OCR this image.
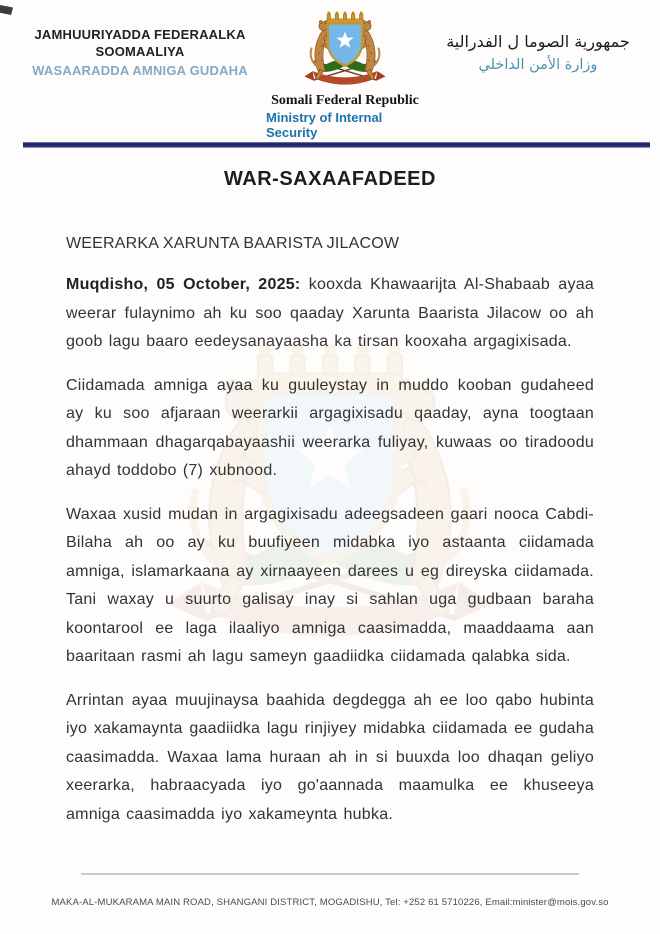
JAMHUURIYADDA FEDERAALKA
SOOMAALIYA
WASAARADDA AMNIGA GUDAHA
Somali Federal Republic
Ministry of Internal Security
جمهورية الصوما ل الفدرالية
وزارة الأمن الداخلي
WAR-SAXAAFADEED
WEERARKA XARUNTA BAARISTA JILACOW

Muqdisho, 05 October, 2025: kooxda Khawaarijta Al-Shabaab ayaa weerar fulaynimo ah ku soo qaaday Xarunta Baarista Jilacow oo ah goob lagu baaro eedeysanayaasha ka tirsan kooxaha argagixisada.

Ciidamada amniga ayaa ku guuleystay in muddo kooban gudaheed ay ku soo afjaraan weerarkii argagixisadu qaaday, ayna toogtaan dhammaan dhagarqabayaashii weerarka fuliyay, kuwaas oo tiradoodu ahayd toddobo (7) xubnood.

Waxaa xusid mudan in argagixisadu adeegsadeen gaari nooca Cabdi-Bilaha ah oo ay ku buufiyeen midabka iyo astaanta ciidamada amniga, islamarkaana ay xirnaayeen darees u eg direyska ciidamada. Tani waxay u suurto galisay inay si sahlan uga gudbaan baraha koontarool ee laga ilaaliyo amniga caasimadda, maaddaama aan baaritaan rasmi ah lagu sameyn gaadiidka ciidamada qalabka sida.

Arrintan ayaa muujinaysa baahida degdegga ah ee loo qabo hubinta iyo xakamaynta gaadiidka lagu rinjiyey midabka ciidamada ee gudaha caasimadda. Waxaa lama huraan ah in si buuxda loo dhaqan geliyo xeerarka, habraacyada iyo go'aannada maamulka ee khuseeya amniga caasimadda iyo xakameynta hubka.

MAKA-AL-MUKARAMA MAIN ROAD, SHANGANI DISTRICT, MOGADISHU, Tel: +252 61 5710226, Email:minister@mois.gov.so
